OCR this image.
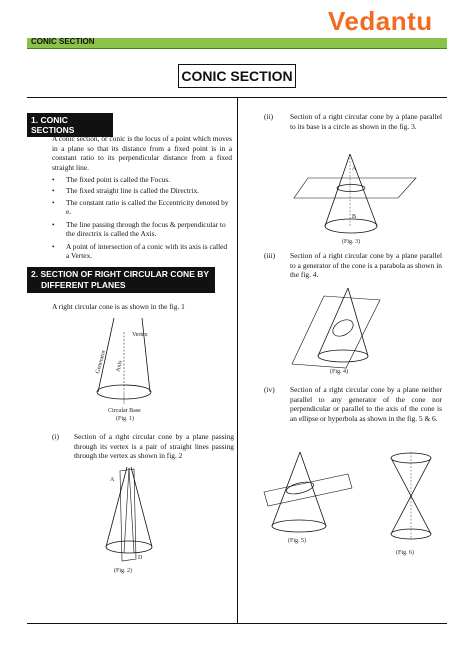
Vedantu
CONIC SECTION
CONIC SECTION
1. CONIC SECTIONS
A conic section, or conic is the locus of a point which moves in a plane so that its distance from a fixed point is in a constant ratio to its perpendicular distance from a fixed straight line.
• The fixed point is called the Focus.
• The fixed straight line is called the Directrix.
• The constant ratio is called the Eccentricity denoted by e.
• The line passing through the focus & perpendicular to the directrix is called the Axis.
• A point of intersection of a conic with its axis is called a Vertex.
2. SECTION OF RIGHT CIRCULAR CONE BY
DIFFERENT PLANES
A right circular cone is as shown in the fig. 1
Vertex
Generator Axis
Circular Base
(Fig. 1)
(i) Section of a right circular cone by a plane passing through its vertex is a pair of straight lines passing through the vertex as shown in fig. 2
A
D
(Fig. 2)
(ii) Section of a right circular cone by a plane parallel to its base is a circle as shown in the fig. 3.
A
B
(Fig. 3)
(iii) Section of a right circular cone by a plane parallel to a generator of the cone is a parabola as shown in the fig. 4.
(Fig. 4)
(iv) Section of a right circular cone by a plane neither parallel to any generator of the cone nor perpendicular or parallel to the axis of the cone is an ellipse or hyperbola as shown in the fig. 5 & 6.
(Fig. 5)
(Fig. 6)
